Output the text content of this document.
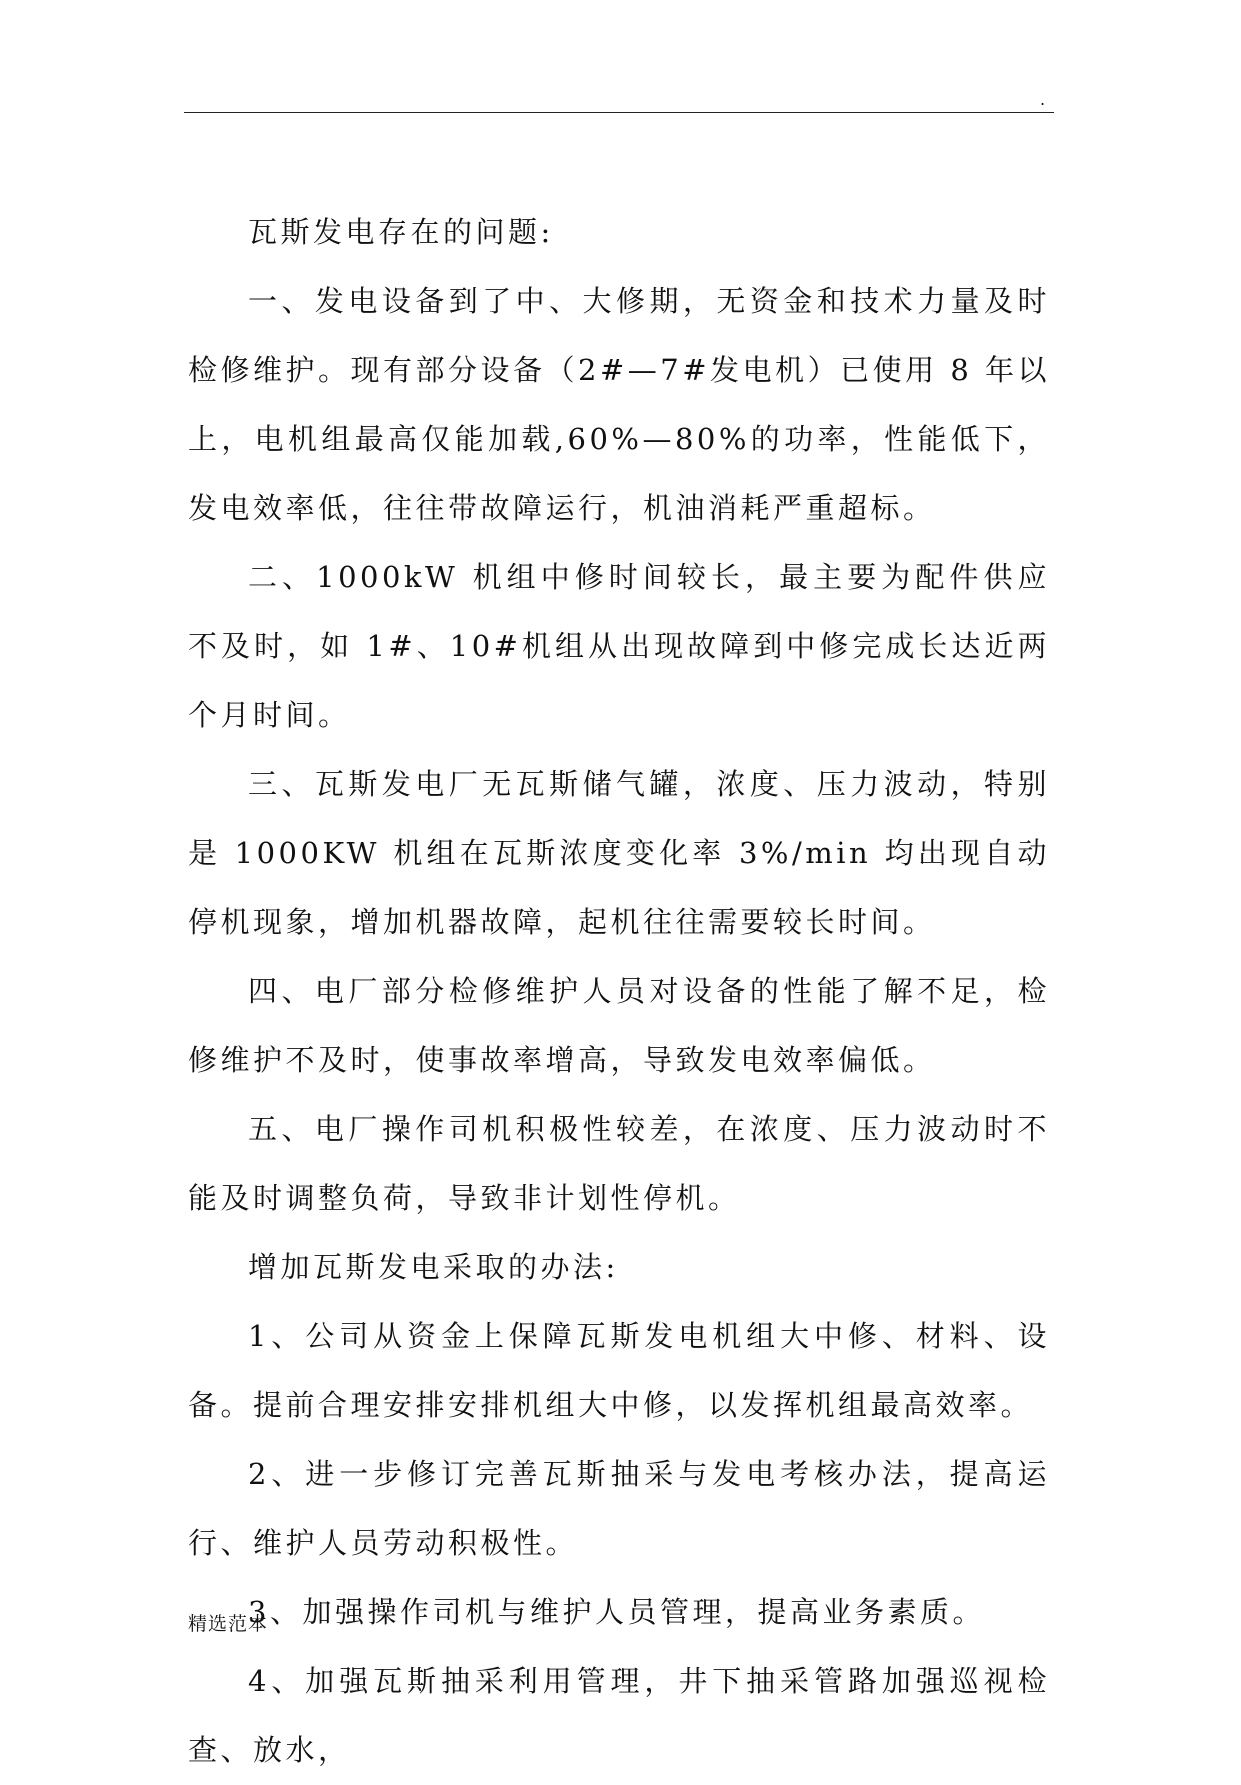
.

瓦斯发电存在的问题:

一、发电设备到了中、大修期，无资金和技术力量及时检修维护。现有部分设备（2#—7#发电机）已使用 8 年以上，电机组最高仅能加载,60%—80%的功率，性能低下，发电效率低，往往带故障运行，机油消耗严重超标。

二、1000kW 机组中修时间较长，最主要为配件供应不及时，如 1#、10#机组从出现故障到中修完成长达近两个月时间。

三、瓦斯发电厂无瓦斯储气罐，浓度、压力波动，特别是 1000KW 机组在瓦斯浓度变化率 3%/min 均出现自动停机现象，增加机器故障，起机往往需要较长时间。

四、电厂部分检修维护人员对设备的性能了解不足，检修维护不及时，使事故率增高，导致发电效率偏低。

五、电厂操作司机积极性较差，在浓度、压力波动时不能及时调整负荷，导致非计划性停机。

增加瓦斯发电采取的办法:

1、公司从资金上保障瓦斯发电机组大中修、材料、设备。提前合理安排安排机组大中修，以发挥机组最高效率。

2、进一步修订完善瓦斯抽采与发电考核办法，提高运行、维护人员劳动积极性。

3、加强操作司机与维护人员管理，提高业务素质。

4、加强瓦斯抽采利用管理，井下抽采管路加强巡视检查、放水，

精选范本
